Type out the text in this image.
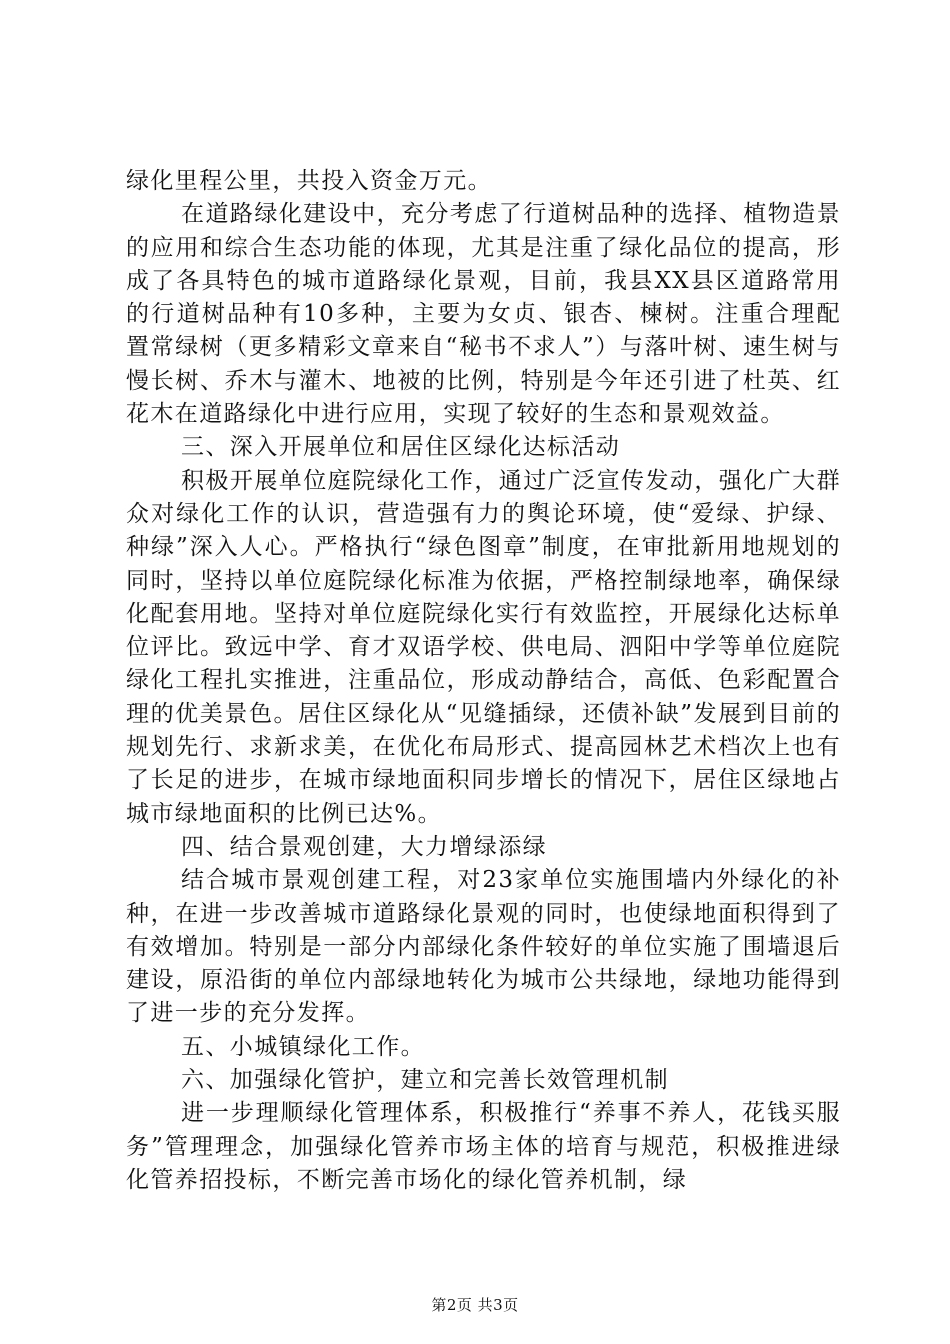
绿化里程公里，共投入资金万元。

在道路绿化建设中，充分考虑了行道树品种的选择、植物造景的应用和综合生态功能的体现，尤其是注重了绿化品位的提高，形成了各具特色的城市道路绿化景观，目前，我县XX县区道路常用的行道树品种有10多种，主要为女贞、银杏、楝树。注重合理配置常绿树（更多精彩文章来自“秘书不求人”）与落叶树、速生树与慢长树、乔木与灌木、地被的比例，特别是今年还引进了杜英、红花木在道路绿化中进行应用，实现了较好的生态和景观效益。

三、深入开展单位和居住区绿化达标活动

积极开展单位庭院绿化工作，通过广泛宣传发动，强化广大群众对绿化工作的认识，营造强有力的舆论环境，使“爱绿、护绿、种绿”深入人心。严格执行“绿色图章”制度，在审批新用地规划的同时，坚持以单位庭院绿化标准为依据，严格控制绿地率，确保绿化配套用地。坚持对单位庭院绿化实行有效监控，开展绿化达标单位评比。致远中学、育才双语学校、供电局、泗阳中学等单位庭院绿化工程扎实推进，注重品位，形成动静结合，高低、色彩配置合理的优美景色。居住区绿化从“见缝插绿，还债补缺”发展到目前的规划先行、求新求美，在优化布局形式、提高园林艺术档次上也有了长足的进步，在城市绿地面积同步增长的情况下，居住区绿地占城市绿地面积的比例已达%。

四、结合景观创建，大力增绿添绿

结合城市景观创建工程，对23家单位实施围墙内外绿化的补种，在进一步改善城市道路绿化景观的同时，也使绿地面积得到了有效增加。特别是一部分内部绿化条件较好的单位实施了围墙退后建设，原沿街的单位内部绿地转化为城市公共绿地，绿地功能得到了进一步的充分发挥。

五、小城镇绿化工作。

六、加强绿化管护，建立和完善长效管理机制

进一步理顺绿化管理体系，积极推行“养事不养人，花钱买服务”管理理念，加强绿化管养市场主体的培育与规范，积极推进绿化管养招投标，不断完善市场化的绿化管养机制，绿

第2页 共3页
